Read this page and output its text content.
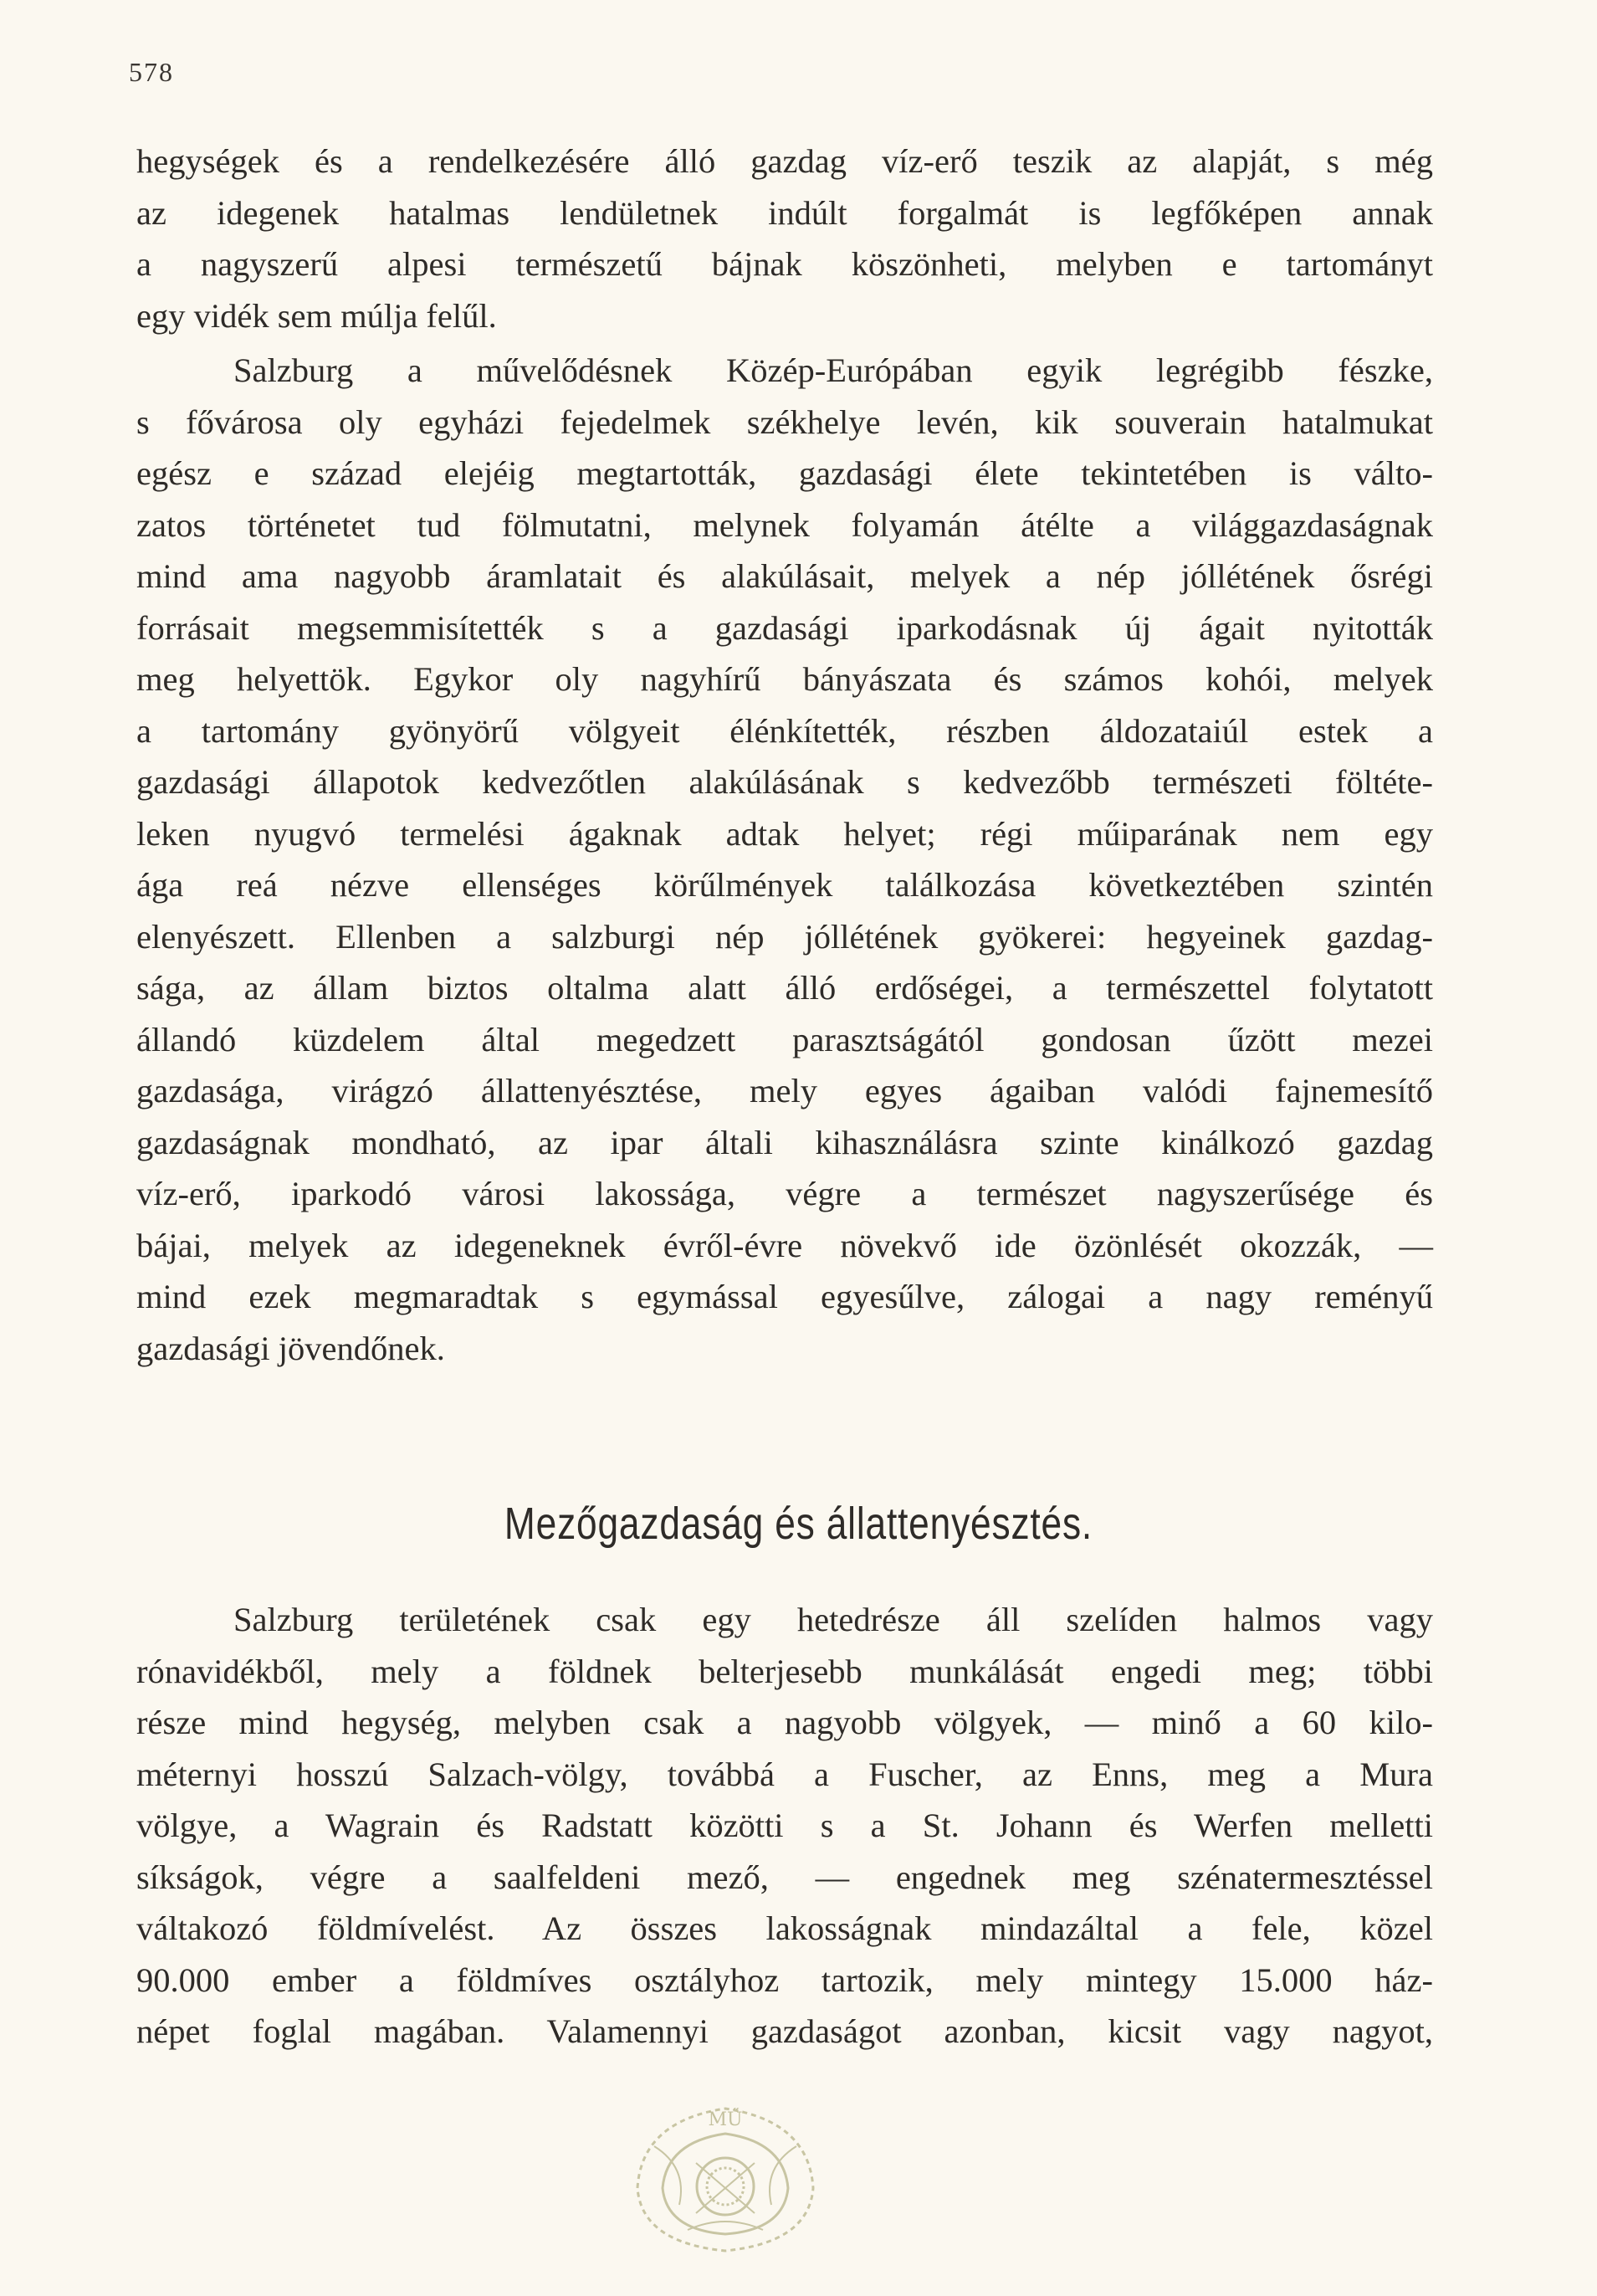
578
hegységek és a rendelkezésére álló gazdag víz-erő teszik az alapját, s még
az idegenek hatalmas lendületnek indúlt forgalmát is legfőképen annak
a nagyszerű alpesi természetű bájnak köszönheti, melyben e tartományt
egy vidék sem múlja felűl.
Salzburg a művelődésnek Közép-Európában egyik legrégibb fészke,
s fővárosa oly egyházi fejedelmek székhelye levén, kik souverain hatalmukat
egész e század elejéig megtartották, gazdasági élete tekintetében is válto-
zatos történetet tud fölmutatni, melynek folyamán átélte a világgazdaságnak
mind ama nagyobb áramlatait és alakúlásait, melyek a nép jóllétének ősrégi
forrásait megsemmisítették s a gazdasági iparkodásnak új ágait nyitották
meg helyettök. Egykor oly nagyhírű bányászata és számos kohói, melyek
a tartomány gyönyörű völgyeit élénkítették, részben áldozataiúl estek a
gazdasági állapotok kedvezőtlen alakúlásának s kedvezőbb természeti föltéte-
leken nyugvó termelési ágaknak adtak helyet; régi műiparának nem egy
ága reá nézve ellenséges körűlmények találkozása következtében szintén
elenyészett. Ellenben a salzburgi nép jóllétének gyökerei: hegyeinek gazdag-
sága, az állam biztos oltalma alatt álló erdőségei, a természettel folytatott
állandó küzdelem által megedzett parasztságától gondosan űzött mezei
gazdasága, virágzó állattenyésztése, mely egyes ágaiban valódi fajnemesítő
gazdaságnak mondható, az ipar általi kihasználásra szinte kinálkozó gazdag
víz-erő, iparkodó városi lakossága, végre a természet nagyszerűsége és
bájai, melyek az idegeneknek évről-évre növekvő ide özönlését okozzák, —
mind ezek megmaradtak s egymással egyesűlve, zálogai a nagy reményű
gazdasági jövendőnek.
Mezőgazdaság és állattenyésztés.
Salzburg területének csak egy hetedrésze áll szelíden halmos vagy
rónavidékből, mely a földnek belterjesebb munkálását engedi meg; többi
része mind hegység, melyben csak a nagyobb völgyek, — minő a 60 kilo-
méternyi hosszú Salzach-völgy, továbbá a Fuscher, az Enns, meg a Mura
völgye, a Wagrain és Radstatt közötti s a St. Johann és Werfen melletti
síkságok, végre a saalfeldeni mező, — engednek meg szénatermesztéssel
váltakozó földmívelést. Az összes lakosságnak mindazáltal a fele, közel
90.000 ember a földmíves osztályhoz tartozik, mely mintegy 15.000 ház-
népet foglal magában. Valamennyi gazdaságot azonban, kicsit vagy nagyot,
MŰ
